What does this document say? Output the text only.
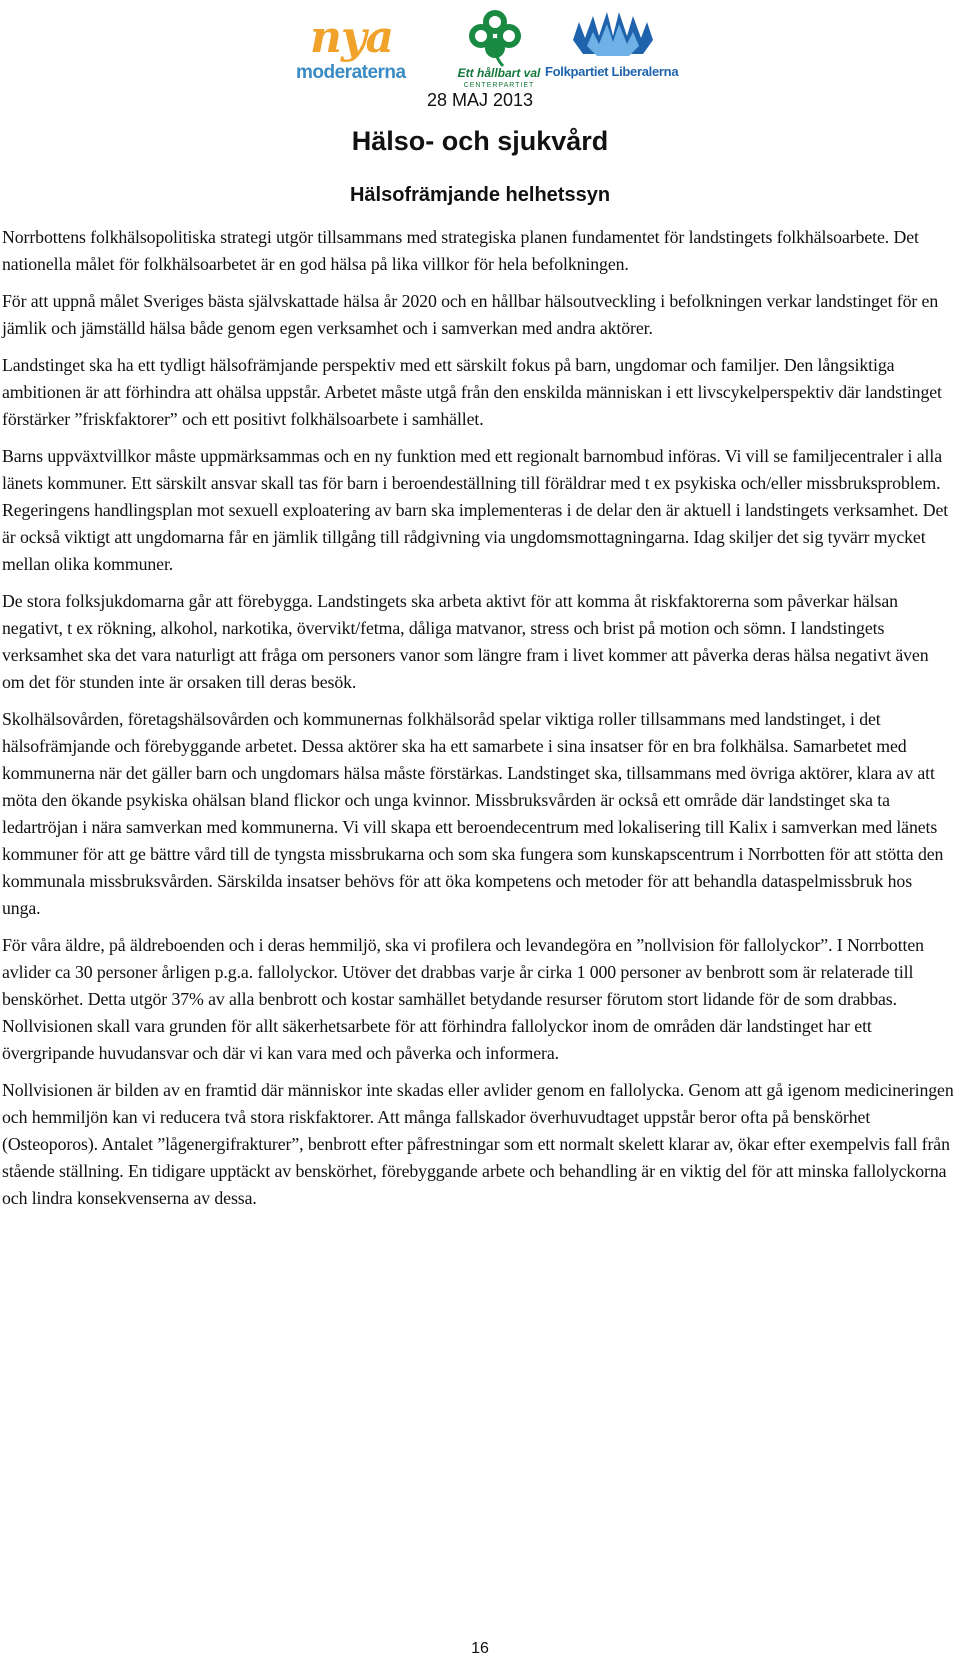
nya
moderaterna	Ett hållbart val
CENTERPARTIET
Folkpartiet Liberalerna
28 MAJ 2013
Hälso- och sjukvård
Hälsofrämjande helhetssyn

Norrbottens folkhälsopolitiska strategi utgör tillsammans med strategiska planen fundamentet för landstingets folkhälsoarbete. Det nationella målet för folkhälsoarbetet är en god hälsa på lika villkor för hela befolkningen.

För att uppnå målet Sveriges bästa självskattade hälsa år 2020 och en hållbar hälsoutveckling i befolkningen verkar landstinget för en jämlik och jämställd hälsa både genom egen verksamhet och i samverkan med andra aktörer.

Landstinget ska ha ett tydligt hälsofrämjande perspektiv med ett särskilt fokus på barn, ungdomar och familjer. Den långsiktiga ambitionen är att förhindra att ohälsa uppstår. Arbetet måste utgå från den enskilda människan i ett livscykelperspektiv där landstinget förstärker ”friskfaktorer” och ett positivt folkhälsoarbete i samhället.

Barns uppväxtvillkor måste uppmärksammas och en ny funktion med ett regionalt barnombud införas. Vi vill se familjecentraler i alla länets kommuner. Ett särskilt ansvar skall tas för barn i beroendeställning till föräldrar med t ex psykiska och/eller missbruksproblem. Regeringens handlingsplan mot sexuell exploatering av barn ska implementeras i de delar den är aktuell i landstingets verksamhet. Det är också viktigt att ungdomarna får en jämlik tillgång till rådgivning via ungdomsmottagningarna. Idag skiljer det sig tyvärr mycket mellan olika kommuner.

De stora folksjukdomarna går att förebygga. Landstingets ska arbeta aktivt för att komma åt riskfaktorerna som påverkar hälsan negativt, t ex rökning, alkohol, narkotika, övervikt/fetma, dåliga matvanor, stress och brist på motion och sömn. I landstingets verksamhet ska det vara naturligt att fråga om personers vanor som längre fram i livet kommer att påverka deras hälsa negativt även om det för stunden inte är orsaken till deras besök.

Skolhälsovården, företagshälsovården och kommunernas folkhälsoråd spelar viktiga roller tillsammans med landstinget, i det hälsofrämjande och förebyggande arbetet. Dessa aktörer ska ha ett samarbete i sina insatser för en bra folkhälsa. Samarbetet med kommunerna när det gäller barn och ungdomars hälsa måste förstärkas. Landstinget ska, tillsammans med övriga aktörer, klara av att möta den ökande psykiska ohälsan bland flickor och unga kvinnor. Missbruksvården är också ett område där landstinget ska ta ledartröjan i nära samverkan med kommunerna. Vi vill skapa ett beroendecentrum med lokalisering till Kalix i samverkan med länets kommuner för att ge bättre vård till de tyngsta missbrukarna och som ska fungera som kunskapscentrum i Norrbotten för att stötta den kommunala missbruksvården. Särskilda insatser behövs för att öka kompetens och metoder för att behandla dataspelmissbruk hos unga.

För våra äldre, på äldreboenden och i deras hemmiljö, ska vi profilera och levandegöra en ”nollvision för fallolyckor”. I Norrbotten avlider ca 30 personer årligen p.g.a. fallolyckor. Utöver det drabbas varje år cirka 1 000 personer av benbrott som är relaterade till benskörhet. Detta utgör 37% av alla benbrott och kostar samhället betydande resurser förutom stort lidande för de som drabbas. Nollvisionen skall vara grunden för allt säkerhetsarbete för att förhindra fallolyckor inom de områden där landstinget har ett övergripande huvudansvar och där vi kan vara med och påverka och informera.

Nollvisionen är bilden av en framtid där människor inte skadas eller avlider genom en fallolycka. Genom att gå igenom medicineringen och hemmiljön kan vi reducera två stora riskfaktorer. Att många fallskador överhuvudtaget uppstår beror ofta på benskörhet (Osteoporos). Antalet ”lågenergifrakturer”, benbrott efter påfrestningar som ett normalt skelett klarar av, ökar efter exempelvis fall från stående ställning. En tidigare upptäckt av benskörhet, förebyggande arbete och behandling är en viktig del för att minska fallolyckorna och lindra konsekvenserna av dessa.

16
